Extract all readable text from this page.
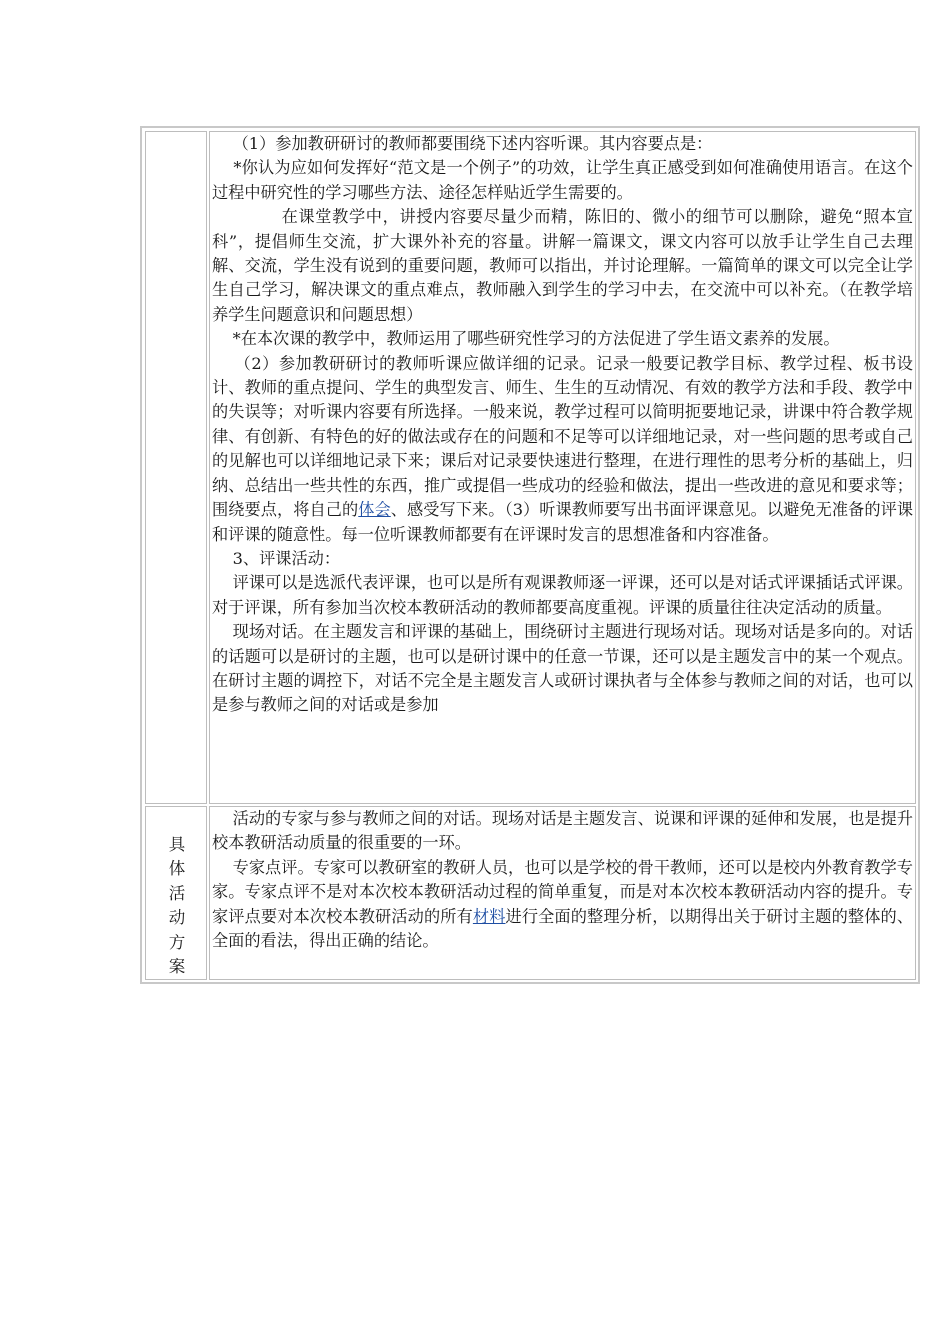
（1）参加教研研讨的教师都要围绕下述内容听课。其内容要点是：

*你认为应如何发挥好“范文是一个例子”的功效，让学生真正感受到如何准确使用语言。在这个过程中研究性的学习哪些方法、途径怎样贴近学生需要的。

在课堂教学中，讲授内容要尽量少而精，陈旧的、微小的细节可以删除，避免“照本宣科”，提倡师生交流，扩大课外补充的容量。讲解一篇课文，课文内容可以放手让学生自己去理解、交流，学生没有说到的重要问题，教师可以指出，并讨论理解。一篇简单的课文可以完全让学生自己学习，解决课文的重点难点，教师融入到学生的学习中去，在交流中可以补充。（在教学培养学生问题意识和问题思想）

*在本次课的教学中，教师运用了哪些研究性学习的方法促进了学生语文素养的发展。

（2）参加教研研讨的教师听课应做详细的记录。记录一般要记教学目标、教学过程、板书设计、教师的重点提问、学生的典型发言、师生、生生的互动情况、有效的教学方法和手段、教学中的失误等；对听课内容要有所选择。一般来说，教学过程可以简明扼要地记录，讲课中符合教学规律、有创新、有特色的好的做法或存在的问题和不足等可以详细地记录，对一些问题的思考或自己的见解也可以详细地记录下来；课后对记录要快速进行整理，在进行理性的思考分析的基础上，归纳、总结出一些共性的东西，推广或提倡一些成功的经验和做法，提出一些改进的意见和要求等；围绕要点，将自己的体会、感受写下来。（3）听课教师要写出书面评课意见。以避免无准备的评课和评课的随意性。每一位听课教师都要有在评课时发言的思想准备和内容准备。

3、评课活动：

评课可以是选派代表评课，也可以是所有观课教师逐一评课，还可以是对话式评课插话式评课。对于评课，所有参加当次校本教研活动的教师都要高度重视。评课的质量往往决定活动的质量。

现场对话。在主题发言和评课的基础上，围绕研讨主题进行现场对话。现场对话是多向的。对话的话题可以是研讨的主题，也可以是研讨课中的任意一节课，还可以是主题发言中的某一个观点。在研讨主题的调控下，对话不完全是主题发言人或研讨课执者与全体参与教师之间的对话，也可以是参与教师之间的对话或是参加

具
体
活
动
方
案

活动的专家与参与教师之间的对话。现场对话是主题发言、说课和评课的延伸和发展，也是提升校本教研活动质量的很重要的一环。

专家点评。专家可以教研室的教研人员，也可以是学校的骨干教师，还可以是校内外教育教学专家。专家点评不是对本次校本教研活动过程的简单重复，而是对本次校本教研活动内容的提升。专家评点要对本次校本教研活动的所有材料进行全面的整理分析，以期得出关于研讨主题的整体的、全面的看法，得出正确的结论。
